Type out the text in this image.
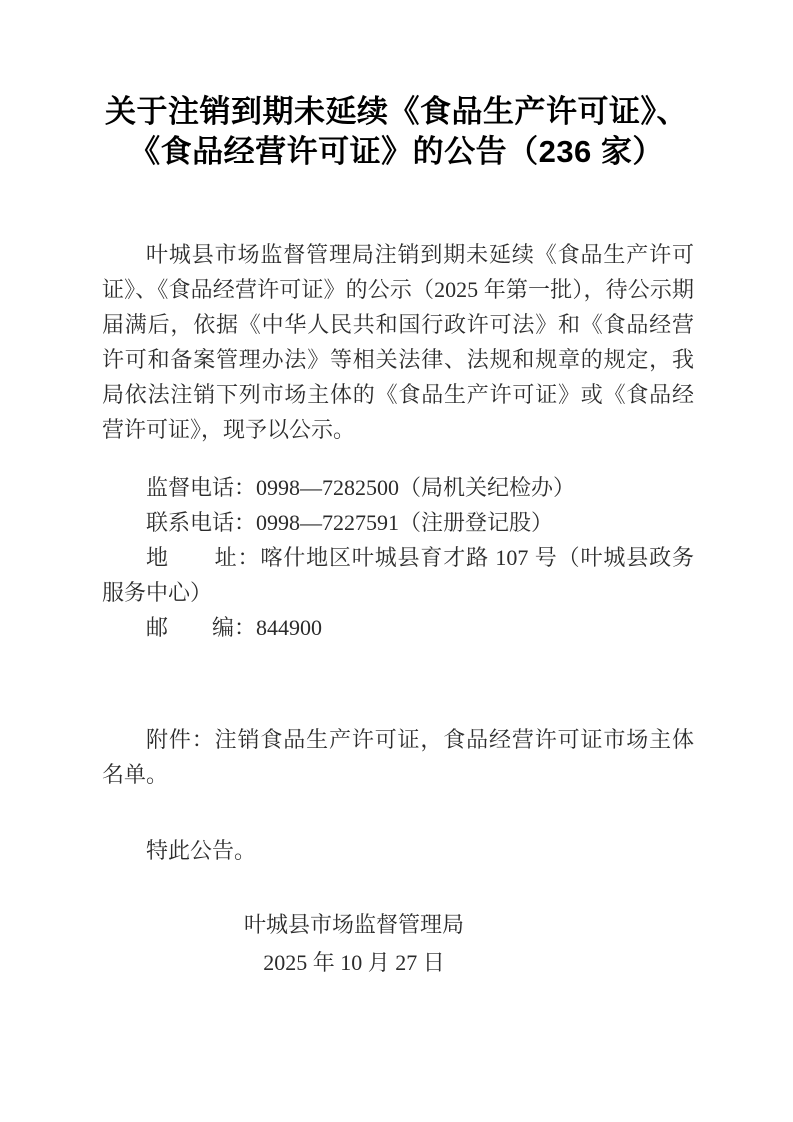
关于注销到期未延续《食品生产许可证》、
《食品经营许可证》的公告（236 家）

叶城县市场监督管理局注销到期未延续《食品生产许可证》、《食品经营许可证》的公示（2025 年第一批），待公示期届满后，依据《中华人民共和国行政许可法》和《食品经营许可和备案管理办法》等相关法律、法规和规章的规定，我局依法注销下列市场主体的《食品生产许可证》或《食品经营许可证》，现予以公示。

监督电话：0998—7282500（局机关纪检办）

联系电话：0998—7227591（注册登记股）

地　　址：喀什地区叶城县育才路 107 号（叶城县政务服务中心）

邮　　编：844900

附件：注销食品生产许可证，食品经营许可证市场主体名单。

特此公告。

叶城县市场监督管理局
2025 年 10 月 27 日
